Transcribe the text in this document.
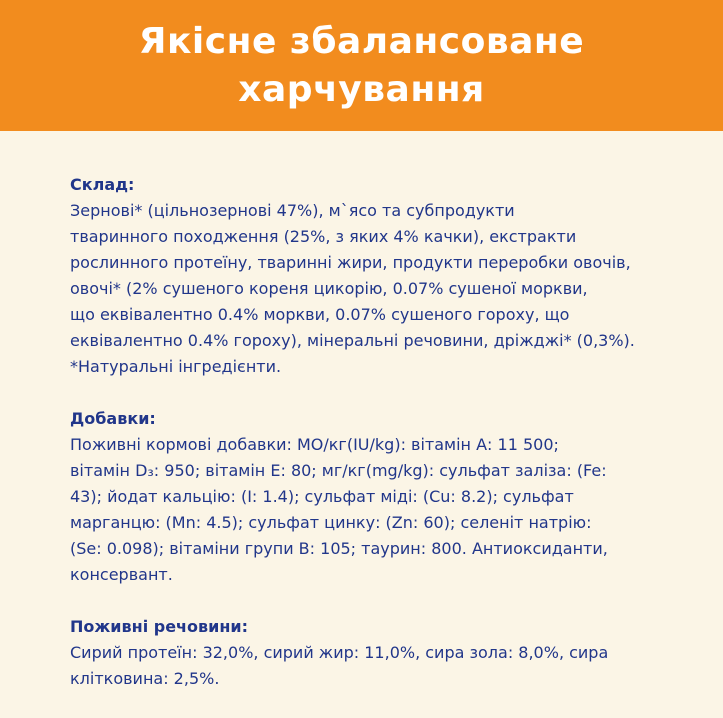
Якісне збалансоване
харчування

Склад:

Зернові* (цільнозернові 47%), м`ясо та субпродукти
тваринного походження (25%, з яких 4% качки), екстракти
рослинного протеїну, тваринні жири, продукти переробки овочів,
овочі* (2% сушеного кореня цикорію, 0.07% сушеної моркви,
що еквівалентно 0.4% моркви, 0.07% сушеного гороху, що
еквівалентно 0.4% гороху), мінеральні речовини, дріжджі* (0,3%).
*Натуральні інгредієнти.

Добавки:

Поживні кормові добавки: МО/кг(IU/kg): вітамін А: 11 500;
вітамін D₃: 950; вітамін Е: 80; мг/кг(mg/kg): сульфат заліза: (Fe:
43); йодат кальцію: (I: 1.4); сульфат міді: (Cu: 8.2); сульфат
марганцю: (Mn: 4.5); сульфат цинку: (Zn: 60); селеніт натрію:
(Se: 0.098); вітаміни групи В: 105; таурин: 800. Антиоксиданти,
консервант.

Поживні речовини:

Сирий протеїн: 32,0%, сирий жир: 11,0%, сира зола: 8,0%, сира
клітковина: 2,5%.
